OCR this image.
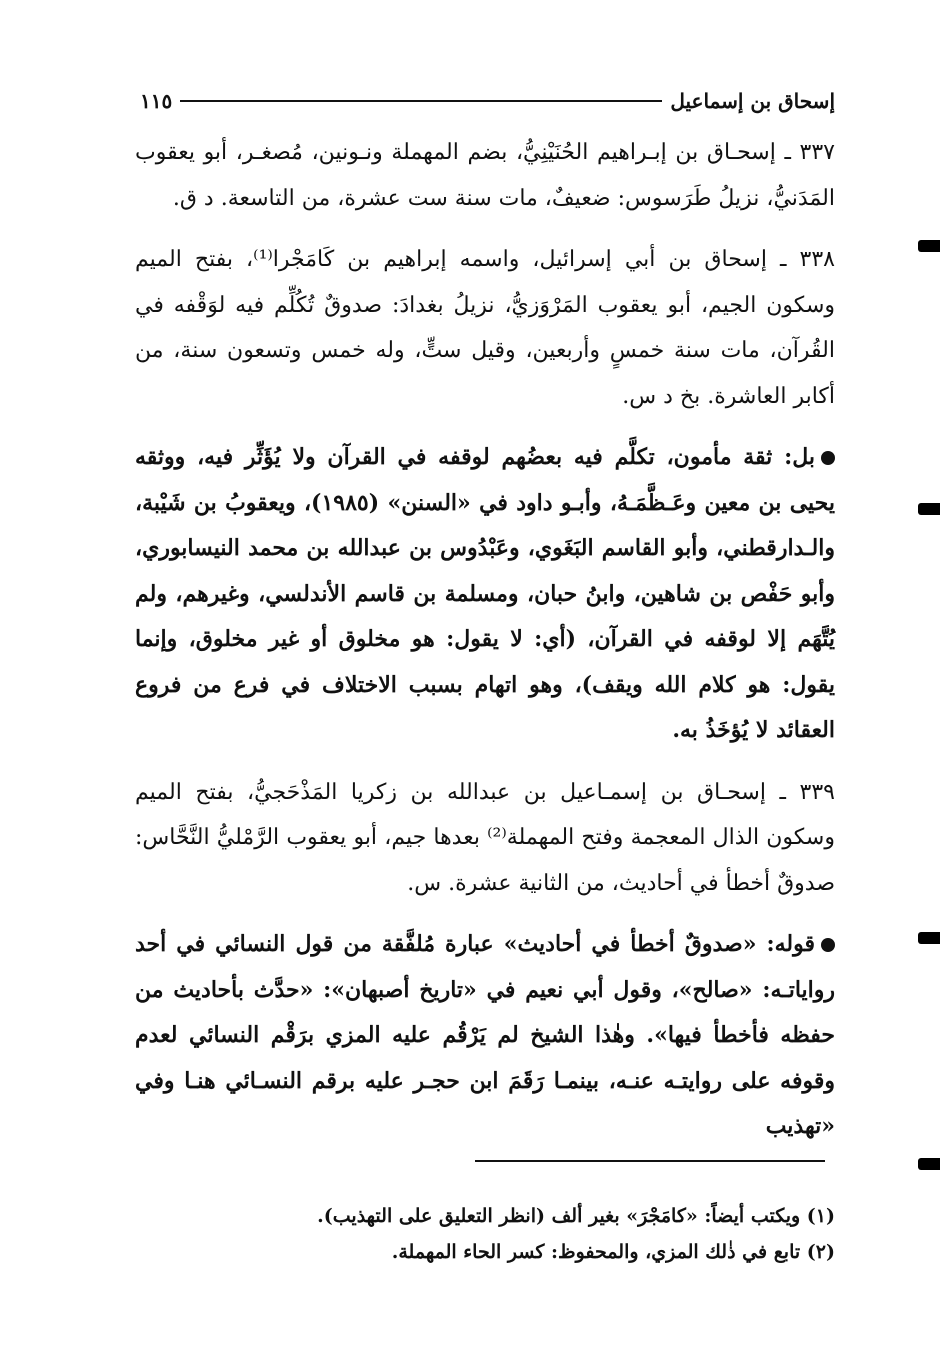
إسحاق بن إسماعيل
١١٥

٣٣٧ ـ إسحـاق بن إبـراهيم الحُنَيْنِيُّ، بضم المهملة ونـونين، مُصغـر، أبو يعقوب المَدَنيُّ، نزيلُ طَرَسوس: ضعيفٌ، مات سنة ست عشرة، من التاسعة. د ق.

٣٣٨ ـ إسحاق بن أبي إسرائيل، واسمه إبراهيم بن كَامَجْرا⁽¹⁾، بفتح الميم وسكون الجيم، أبو يعقوب المَرْوَزيُّ، نزيلُ بغدادَ: صدوقٌ تُكُلِّم فيه لوَقْفه في القُرآن، مات سنة خمسٍ وأربعين، وقيل ستٍّ، وله خمس وتسعون سنة، من أكابر العاشرة. بخ د س.

بل: ثقة مأمون، تكلَّم فيه بعضُهم لوقفه في القرآن ولا يُؤَثِّر فيه، ووثقه يحيى بن معين وعَـظَّمَـهُ، وأبـو داود في «السنن» (١٩٨٥)، ويعقوبُ بن شَيْبة، والـدارقطني، وأبو القاسم البَغَوي، وعَبْدُوس بن عبدالله بن محمد النيسابوري، وأبو حَفْص بن شاهين، وابنُ حبان، ومسلمة بن قاسم الأندلسي، وغيرهم، ولم يُتَّهَم إلا لوقفه في القرآن، (أي: لا يقول: هو مخلوق أو غير مخلوق، وإنما يقول: هو كلام الله ويقف)، وهو اتهام بسبب الاختلاف في فرع من فروع العقائد لا يُؤخَذُ به.

٣٣٩ ـ إسحـاق بن إسمـاعيل بن عبدالله بن زكريا المَذْحَجيُّ، بفتح الميم وسكون الذال المعجمة وفتح المهملة⁽²⁾ بعدها جيم، أبو يعقوب الرَّمْليُّ النَّحَّاس: صدوقٌ أخطأ في أحاديث، من الثانية عشرة. س.

قوله: «صدوقٌ أخطأ في أحاديث» عبارة مُلفَّقة من قول النسائي في أحد رواياتـه: «صالح»، وقول أبي نعيم في «تاريخ أصبهان»: «حدَّث بأحاديث من حفظه فأخطأ فيها». وهٰذا الشيخ لم يَرْقُم عليه المزي برَقْم النسائي لعدم وقوفه على روايتـه عنـه، بينمـا رَقَمَ ابن حجـر عليه برقم النسـائي هنـا وفي «تهذيب

(١) ويكتب أيضاً: «كامَجْرَ» بغير ألف (انظر التعليق على التهذيب).

(٢) تابع في ذٰلك المزي، والمحفوظ: كسر الحاء المهملة.
